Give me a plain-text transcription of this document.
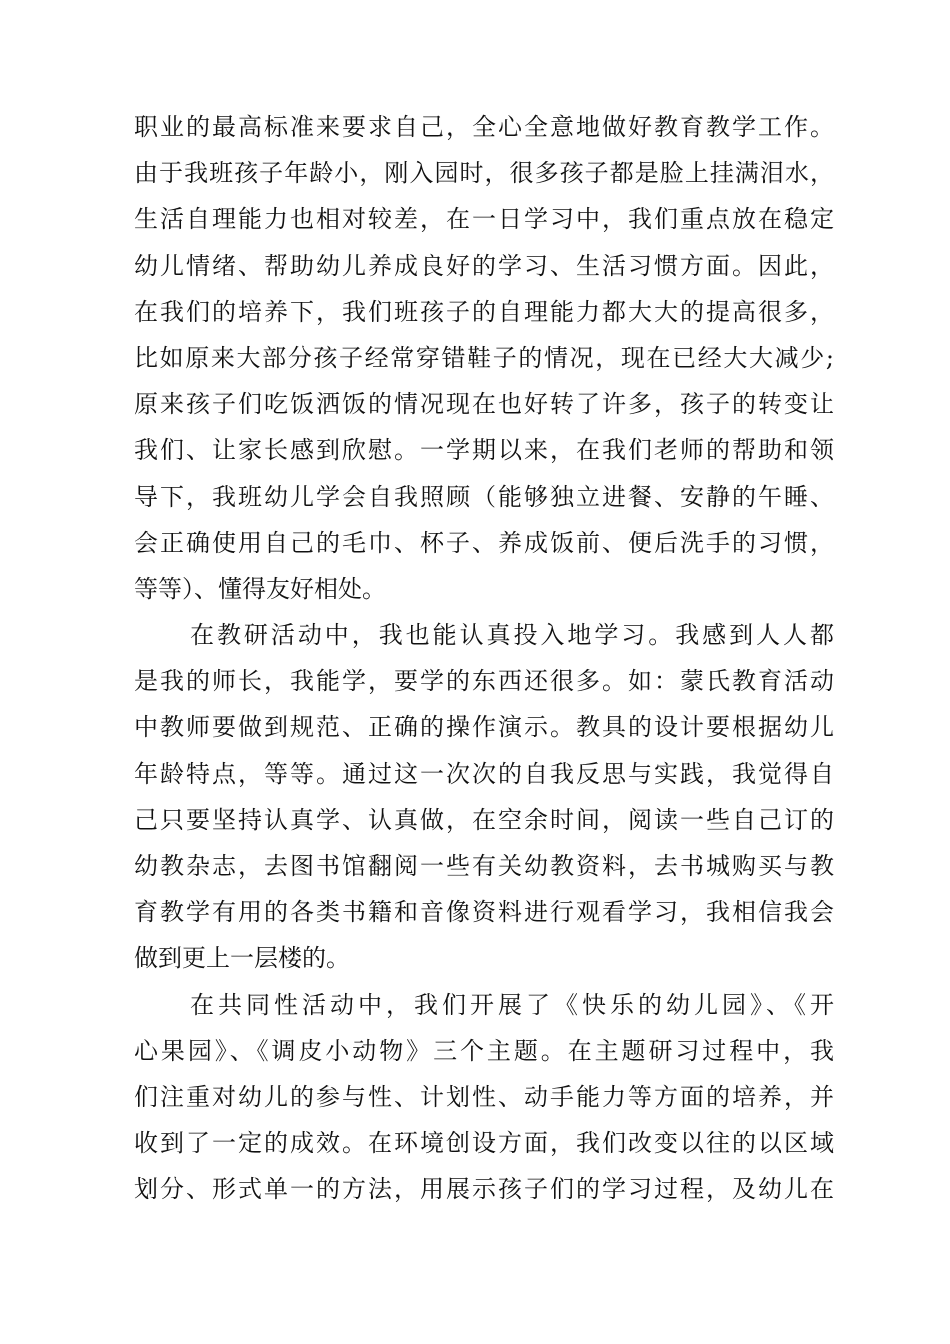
职业的最高标准来要求自己，全心全意地做好教育教学工作。
由于我班孩子年龄小，刚入园时，很多孩子都是脸上挂满泪水，
生活自理能力也相对较差，在一日学习中，我们重点放在稳定
幼儿情绪、帮助幼儿养成良好的学习、生活习惯方面。因此，
在我们的培养下，我们班孩子的自理能力都大大的提高很多，
比如原来大部分孩子经常穿错鞋子的情况，现在已经大大减少;
原来孩子们吃饭洒饭的情况现在也好转了许多，孩子的转变让
我们、让家长感到欣慰。一学期以来，在我们老师的帮助和领
导下，我班幼儿学会自我照顾（能够独立进餐、安静的午睡、
会正确使用自己的毛巾、杯子、养成饭前、便后洗手的习惯，
等等）、懂得友好相处。
在教研活动中，我也能认真投入地学习。我感到人人都
是我的师长，我能学，要学的东西还很多。如：蒙氏教育活动
中教师要做到规范、正确的操作演示。教具的设计要根据幼儿
年龄特点，等等。通过这一次次的自我反思与实践，我觉得自
己只要坚持认真学、认真做，在空余时间，阅读一些自己订的
幼教杂志，去图书馆翻阅一些有关幼教资料，去书城购买与教
育教学有用的各类书籍和音像资料进行观看学习，我相信我会
做到更上一层楼的。
在共同性活动中，我们开展了《快乐的幼儿园》、《开
心果园》、《调皮小动物》三个主题。在主题研习过程中，我
们注重对幼儿的参与性、计划性、动手能力等方面的培养，并
收到了一定的成效。在环境创设方面，我们改变以往的以区域
划分、形式单一的方法，用展示孩子们的学习过程，及幼儿在
